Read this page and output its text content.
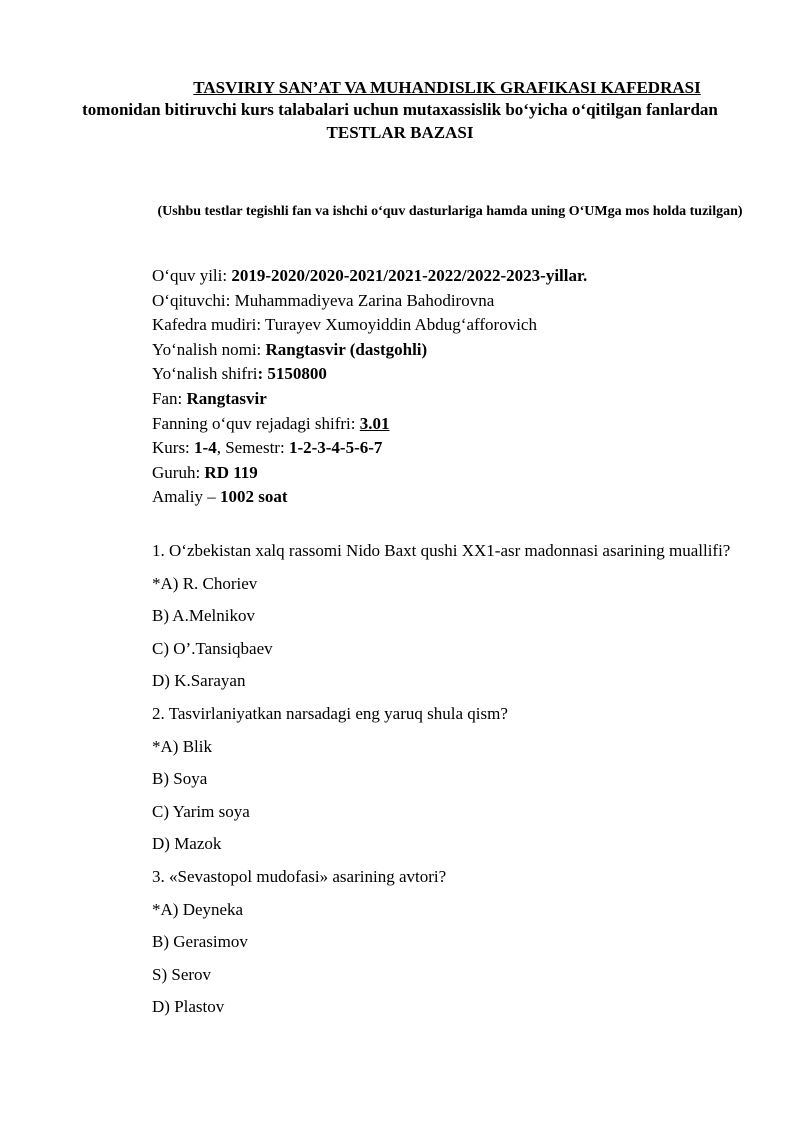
TASVIRIY SAN’AT VA MUHANDISLIK GRAFIKASI KAFEDRASI
tomonidan bitiruvchi kurs talabalari uchun mutaxassislik boʻyicha oʻqitilgan fanlardan
TESTLAR BAZASI
(Ushbu testlar tegishli fan va ishchi oʻquv dasturlariga hamda uning OʻUMga mos holda tuzilgan)
Oʻquv yili: 2019-2020/2020-2021/2021-2022/2022-2023-yillar.
Oʻqituvchi: Muhammadiyeva Zarina Bahodirovna
Kafedra mudiri: Turayev Xumoyiddin Abdugʻafforovich
Yoʻnalish nomi: Rangtasvir (dastgohli)
Yoʻnalish shifri: 5150800
Fan: Rangtasvir
Fanning oʻquv rejadagi shifri: 3.01
Kurs: 1-4, Semestr: 1-2-3-4-5-6-7
Guruh: RD 119
Amaliy – 1002 soat
1. Oʻzbekistan xalq rassomi Nido Baxt qushi XX1-asr madonnasi asarining muallifi?
*A) R. Choriev
B) A.Melnikov
C) O’.Tansiqbaev
D) K.Sarayan
2. Tasvirlaniyatkan narsadagi eng yaruq shula qism?
*A) Blik
B) Soya
C) Yarim soya
D) Mazok
3. «Sevastopol mudofasi» asarining avtori?
*A) Deyneka
B) Gerasimov
S) Serov
D) Plastov
